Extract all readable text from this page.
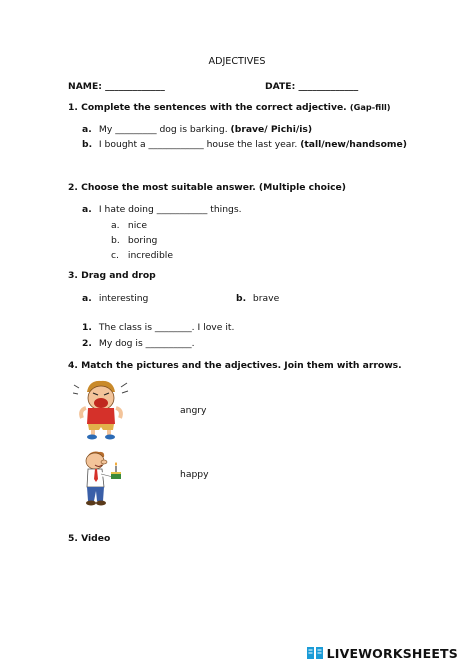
ADJECTIVES
NAME: _____________	DATE: _____________
1. Complete the sentences with the correct adjective. (Gap-fill)
a. My _________ dog is barking. (brave/ Pichi/is)
b. I bought a ____________ house the last year. (tall/new/handsome)
2. Choose the most suitable answer. (Multiple choice)
a. I hate doing ___________ things.
a. nice
b. boring
c. incredible
3. Drag and drop
a. interesting	b. brave
1. The class is ________. I love it.
2. My dog is __________.
4. Match the pictures and the adjectives. Join them with arrows.
angry
happy
5. Video
LIVEWORKSHEETS
